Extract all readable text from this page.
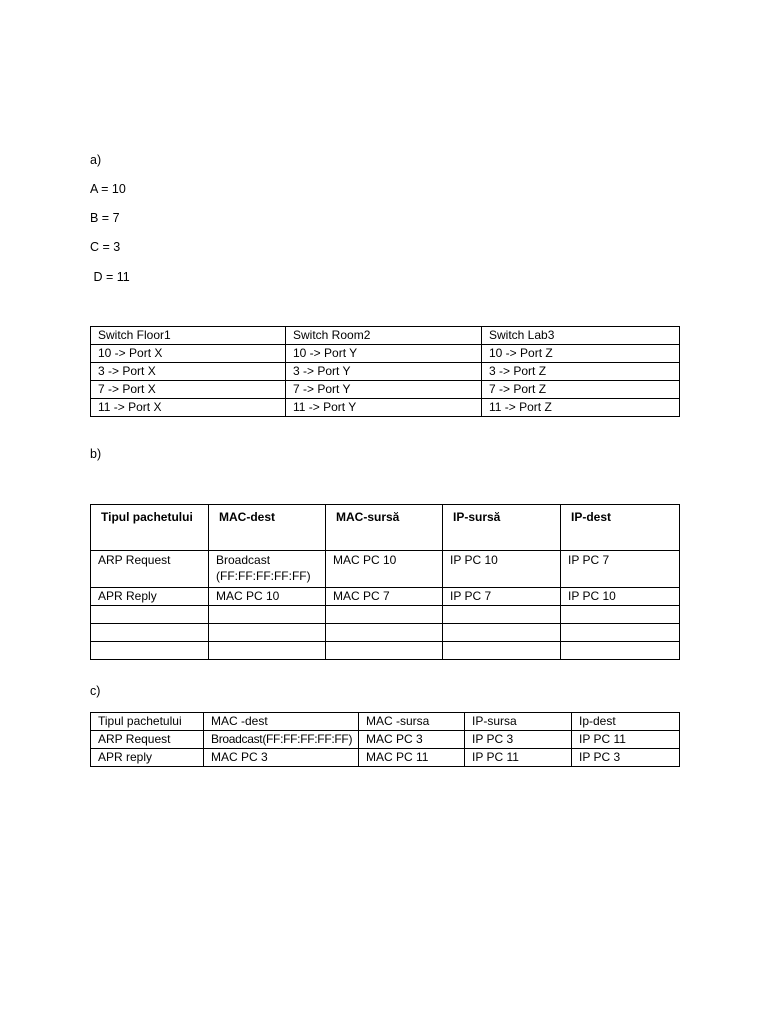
a)

A = 10

B = 7

C = 3

D = 11

Switch Floor1	Switch Room2	Switch Lab3
10 -> Port X	10 -> Port Y	10 -> Port Z
3 -> Port X	3 -> Port Y	3 -> Port Z
7 -> Port X	7 -> Port Y	7 -> Port Z
11 -> Port X	11 -> Port Y	11 -> Port Z

b)

Tipul pachetului	MAC-dest	MAC-sursă	IP-sursă	IP-dest
ARP Request	Broadcast (FF:FF:FF:FF:FF)	MAC PC 10	IP PC 10	IP PC 7
APR Reply	MAC PC 10	MAC PC 7	IP PC 7	IP PC 10

c)

Tipul pachetului	MAC -dest	MAC -sursa	IP-sursa	Ip-dest
ARP Request	Broadcast(FF:FF:FF:FF:FF)	MAC PC 3	IP PC 3	IP PC 11
APR reply	MAC PC 3	MAC PC 11	IP PC 11	IP PC 3
